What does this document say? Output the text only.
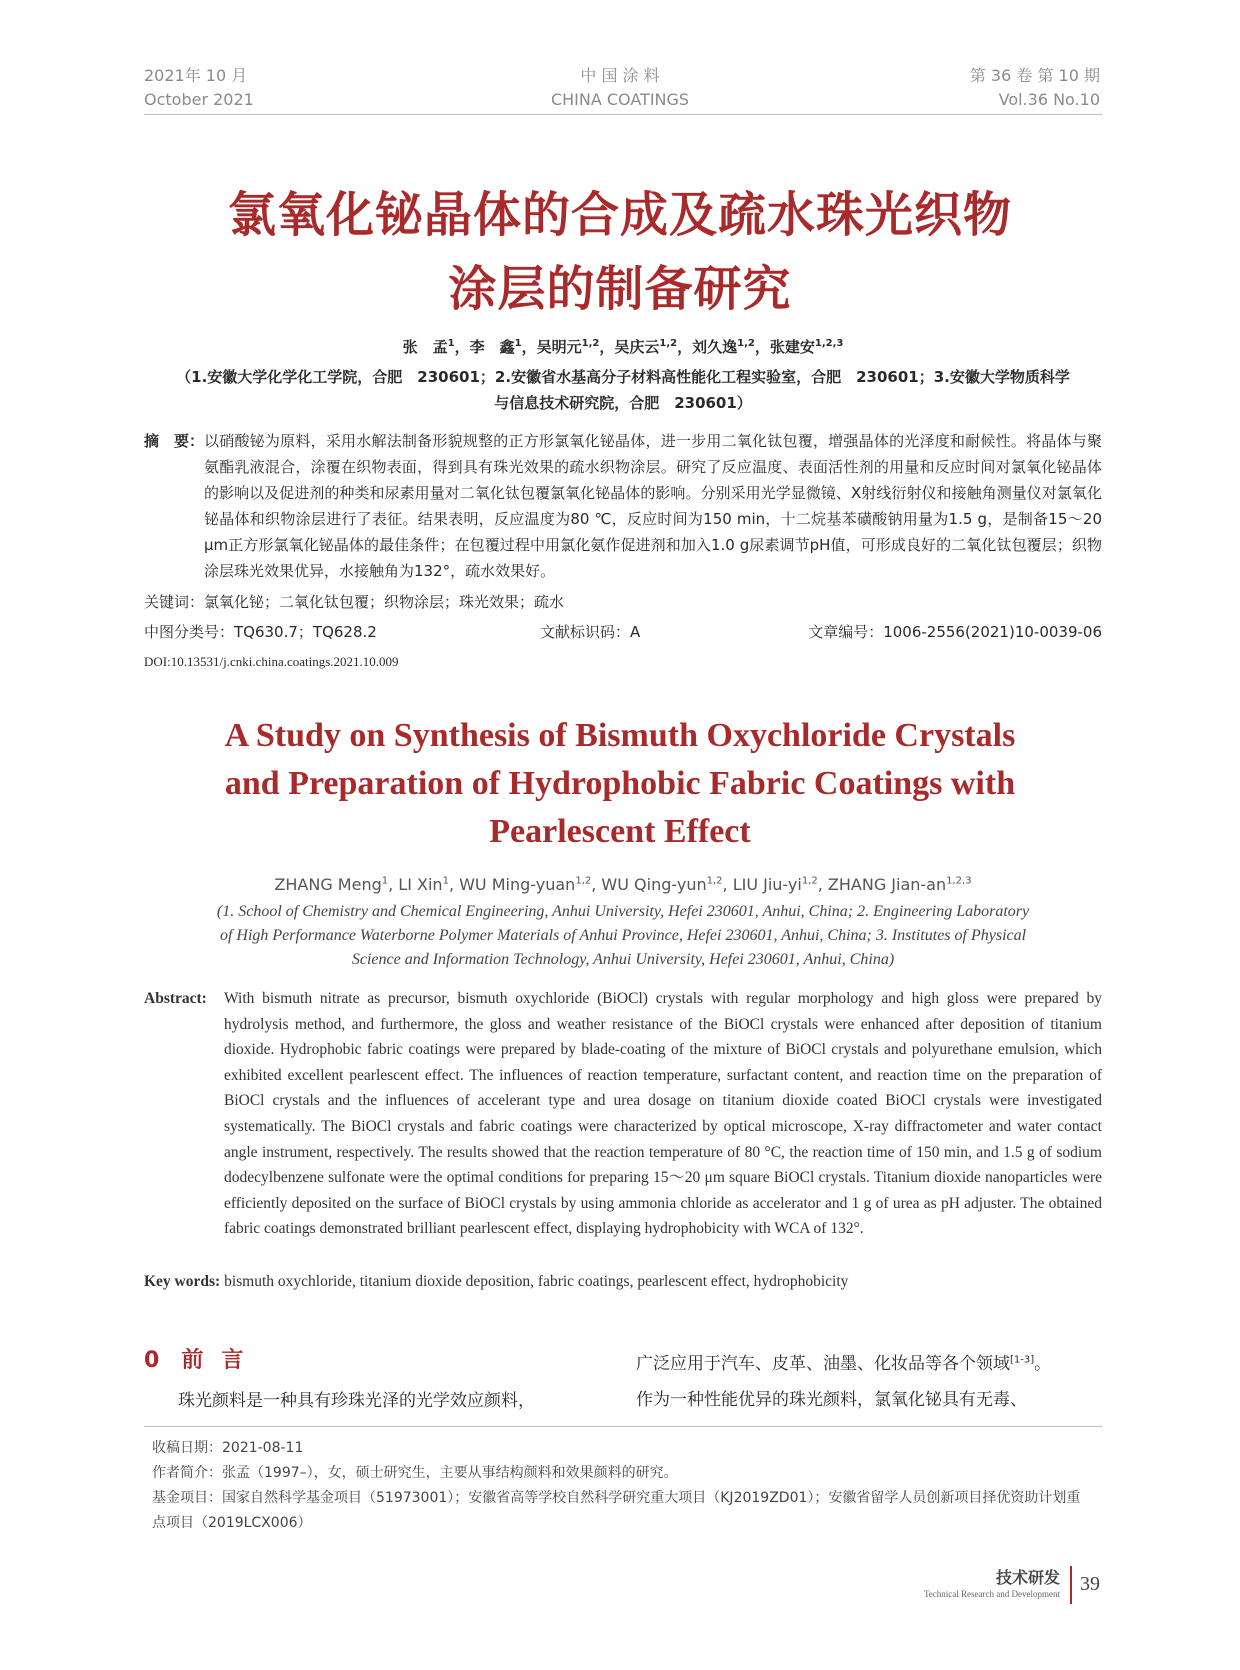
2021年 10 月
October 2021
中 国 涂 料
CHINA COATINGS
第 36 卷 第 10 期
Vol.36 No.10
氯氧化铋晶体的合成及疏水珠光织物
涂层的制备研究
张　孟$^1$，李　鑫$^1$，吴明元$^{1,2}$，吴庆云$^{1,2}$，刘久逸$^{1,2}$，张建安$^{1,2,3}$
（1.安徽大学化学化工学院，合肥　230601；2.安徽省水基高分子材料高性能化工程实验室，合肥　230601；3.安徽大学物质科学
与信息技术研究院，合肥　230601）
摘　要： 以硝酸铋为原料，采用水解法制备形貌规整的正方形氯氧化铋晶体，进一步用二氧化钛包覆，增强晶体的光泽度和耐候性。将晶体与聚氨酯乳液混合，涂覆在织物表面，得到具有珠光效果的疏水织物涂层。研究了反应温度、表面活性剂的用量和反应时间对氯氧化铋晶体的影响以及促进剂的种类和尿素用量对二氧化钛包覆氯氧化铋晶体的影响。分别采用光学显微镜、X射线衍射仪和接触角测量仪对氯氧化铋晶体和织物涂层进行了表征。结果表明，反应温度为80 ℃，反应时间为150 min，十二烷基苯磺酸钠用量为1.5 g，是制备15～20 μm正方形氯氧化铋晶体的最佳条件；在包覆过程中用氯化氨作促进剂和加入1.0 g尿素调节pH值，可形成良好的二氧化钛包覆层；织物涂层珠光效果优异，水接触角为132°，疏水效果好。
关键词：氯氧化铋；二氧化钛包覆；织物涂层；珠光效果；疏水
中图分类号：TQ630.7；TQ628.2	文献标识码：A	文章编号：1006-2556(2021)10-0039-06
DOI:10.13531/j.cnki.china.coatings.2021.10.009
A Study on Synthesis of Bismuth Oxychloride Crystals
and Preparation of Hydrophobic Fabric Coatings with
Pearlescent Effect
ZHANG Meng$^1$, LI Xin$^1$, WU Ming-yuan$^{1,2}$, WU Qing-yun$^{1,2}$, LIU Jiu-yi$^{1,2}$, ZHANG Jian-an$^{1,2,3}$
(1. School of Chemistry and Chemical Engineering, Anhui University, Hefei 230601, Anhui, China; 2. Engineering Laboratory
of High Performance Waterborne Polymer Materials of Anhui Province, Hefei 230601, Anhui, China; 3. Institutes of Physical
Science and Information Technology, Anhui University, Hefei 230601, Anhui, China)
Abstract: With bismuth nitrate as precursor, bismuth oxychloride (BiOCl) crystals with regular morphology and high gloss were prepared by hydrolysis method, and furthermore, the gloss and weather resistance of the BiOCl crystals were enhanced after deposition of titanium dioxide. Hydrophobic fabric coatings were prepared by blade-coating of the mixture of BiOCl crystals and polyurethane emulsion, which exhibited excellent pearlescent effect. The influences of reaction temperature, surfactant content, and reaction time on the preparation of BiOCl crystals and the influences of accelerant type and urea dosage on titanium dioxide coated BiOCl crystals were investigated systematically. The BiOCl crystals and fabric coatings were characterized by optical microscope, X-ray diffractometer and water contact angle instrument, respectively. The results showed that the reaction temperature of 80 °C, the reaction time of 150 min, and 1.5 g of sodium dodecylbenzene sulfonate were the optimal conditions for preparing 15～20 μm square BiOCl crystals. Titanium dioxide nanoparticles were efficiently deposited on the surface of BiOCl crystals by using ammonia chloride as accelerator and 1 g of urea as pH adjuster. The obtained fabric coatings demonstrated brilliant pearlescent effect, displaying hydrophobicity with WCA of 132°.
Key words: bismuth oxychloride, titanium dioxide deposition, fabric coatings, pearlescent effect, hydrophobicity
0 前言
珠光颜料是一种具有珍珠光泽的光学效应颜料，
广泛应用于汽车、皮革、油墨、化妆品等各个领域[1-3]。
作为一种性能优异的珠光颜料，氯氧化铋具有无毒、
收稿日期：2021-08-11
作者简介：张孟（1997–），女，硕士研究生，主要从事结构颜料和效果颜料的研究。
基金项目：国家自然科学基金项目（51973001）；安徽省高等学校自然科学研究重大项目（KJ2019ZD01）；安徽省留学人员创新项目择优资助计划重点项目（2019LCX006）
技术研发
Technical Research and Development	39
